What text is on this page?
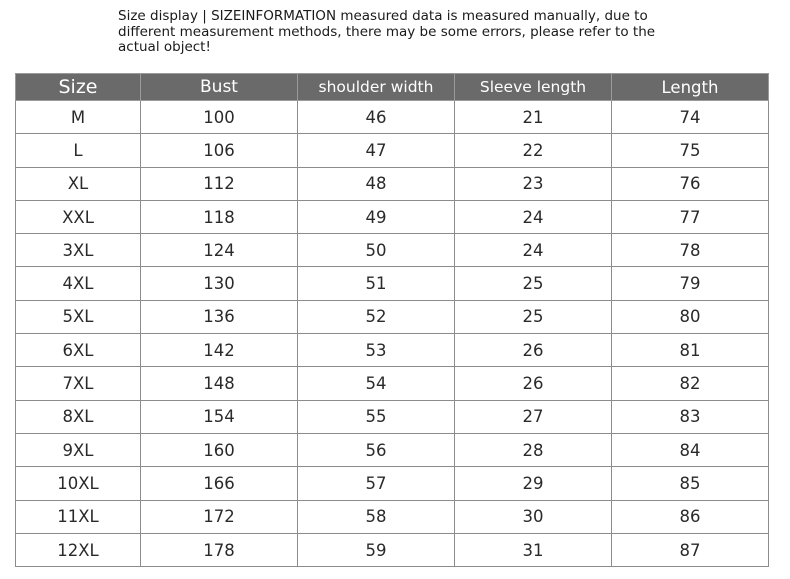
Size display | SIZEINFORMATION measured data is measured manually, due to different measurement methods, there may be some errors, please refer to the actual object!

Size	Bust	shoulder width	Sleeve length	Length
M	100	46	21	74
L	106	47	22	75
XL	112	48	23	76
XXL	118	49	24	77
3XL	124	50	24	78
4XL	130	51	25	79
5XL	136	52	25	80
6XL	142	53	26	81
7XL	148	54	26	82
8XL	154	55	27	83
9XL	160	56	28	84
10XL	166	57	29	85
11XL	172	58	30	86
12XL	178	59	31	87
